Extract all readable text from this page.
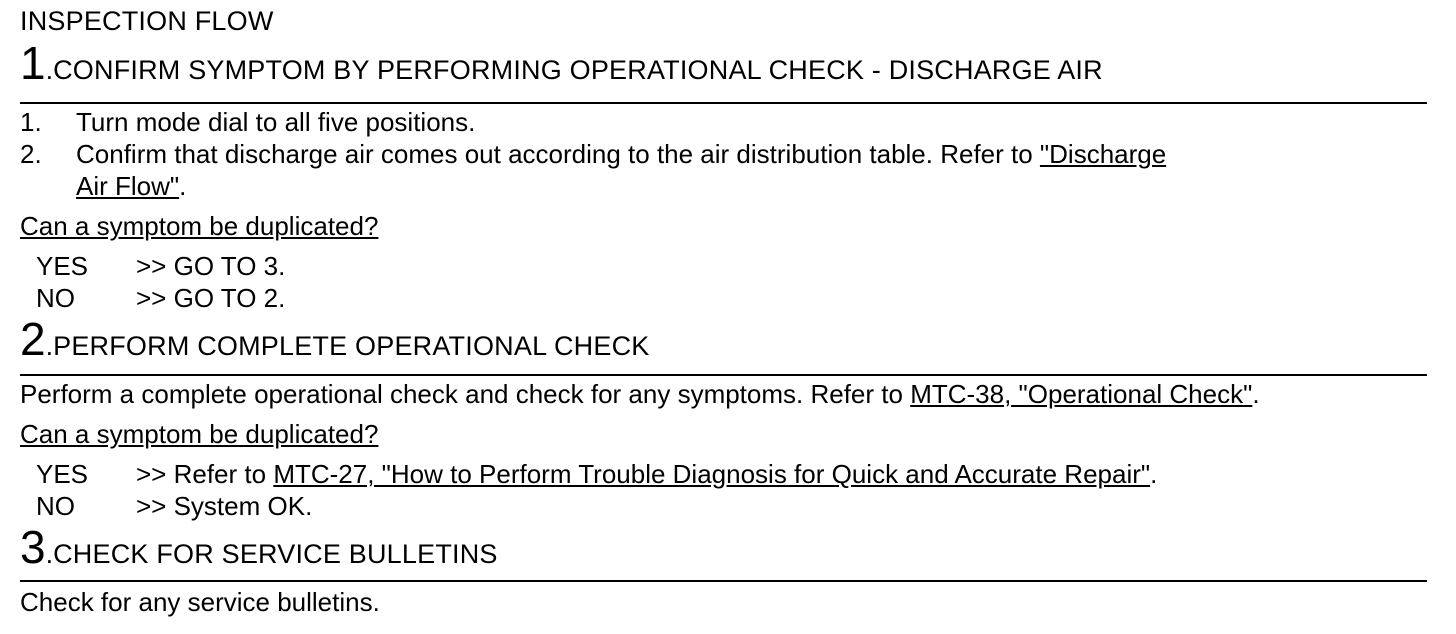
INSPECTION FLOW
1.CONFIRM SYMPTOM BY PERFORMING OPERATIONAL CHECK - DISCHARGE AIR
1. Turn mode dial to all five positions.
2. Confirm that discharge air comes out according to the air distribution table. Refer to "Discharge
Air Flow".
Can a symptom be duplicated?
YES >> GO TO 3.
NO >> GO TO 2.
2.PERFORM COMPLETE OPERATIONAL CHECK
Perform a complete operational check and check for any symptoms. Refer to MTC-38, "Operational Check".
Can a symptom be duplicated?
YES >> Refer to MTC-27, "How to Perform Trouble Diagnosis for Quick and Accurate Repair".
NO >> System OK.
3.CHECK FOR SERVICE BULLETINS
Check for any service bulletins.
